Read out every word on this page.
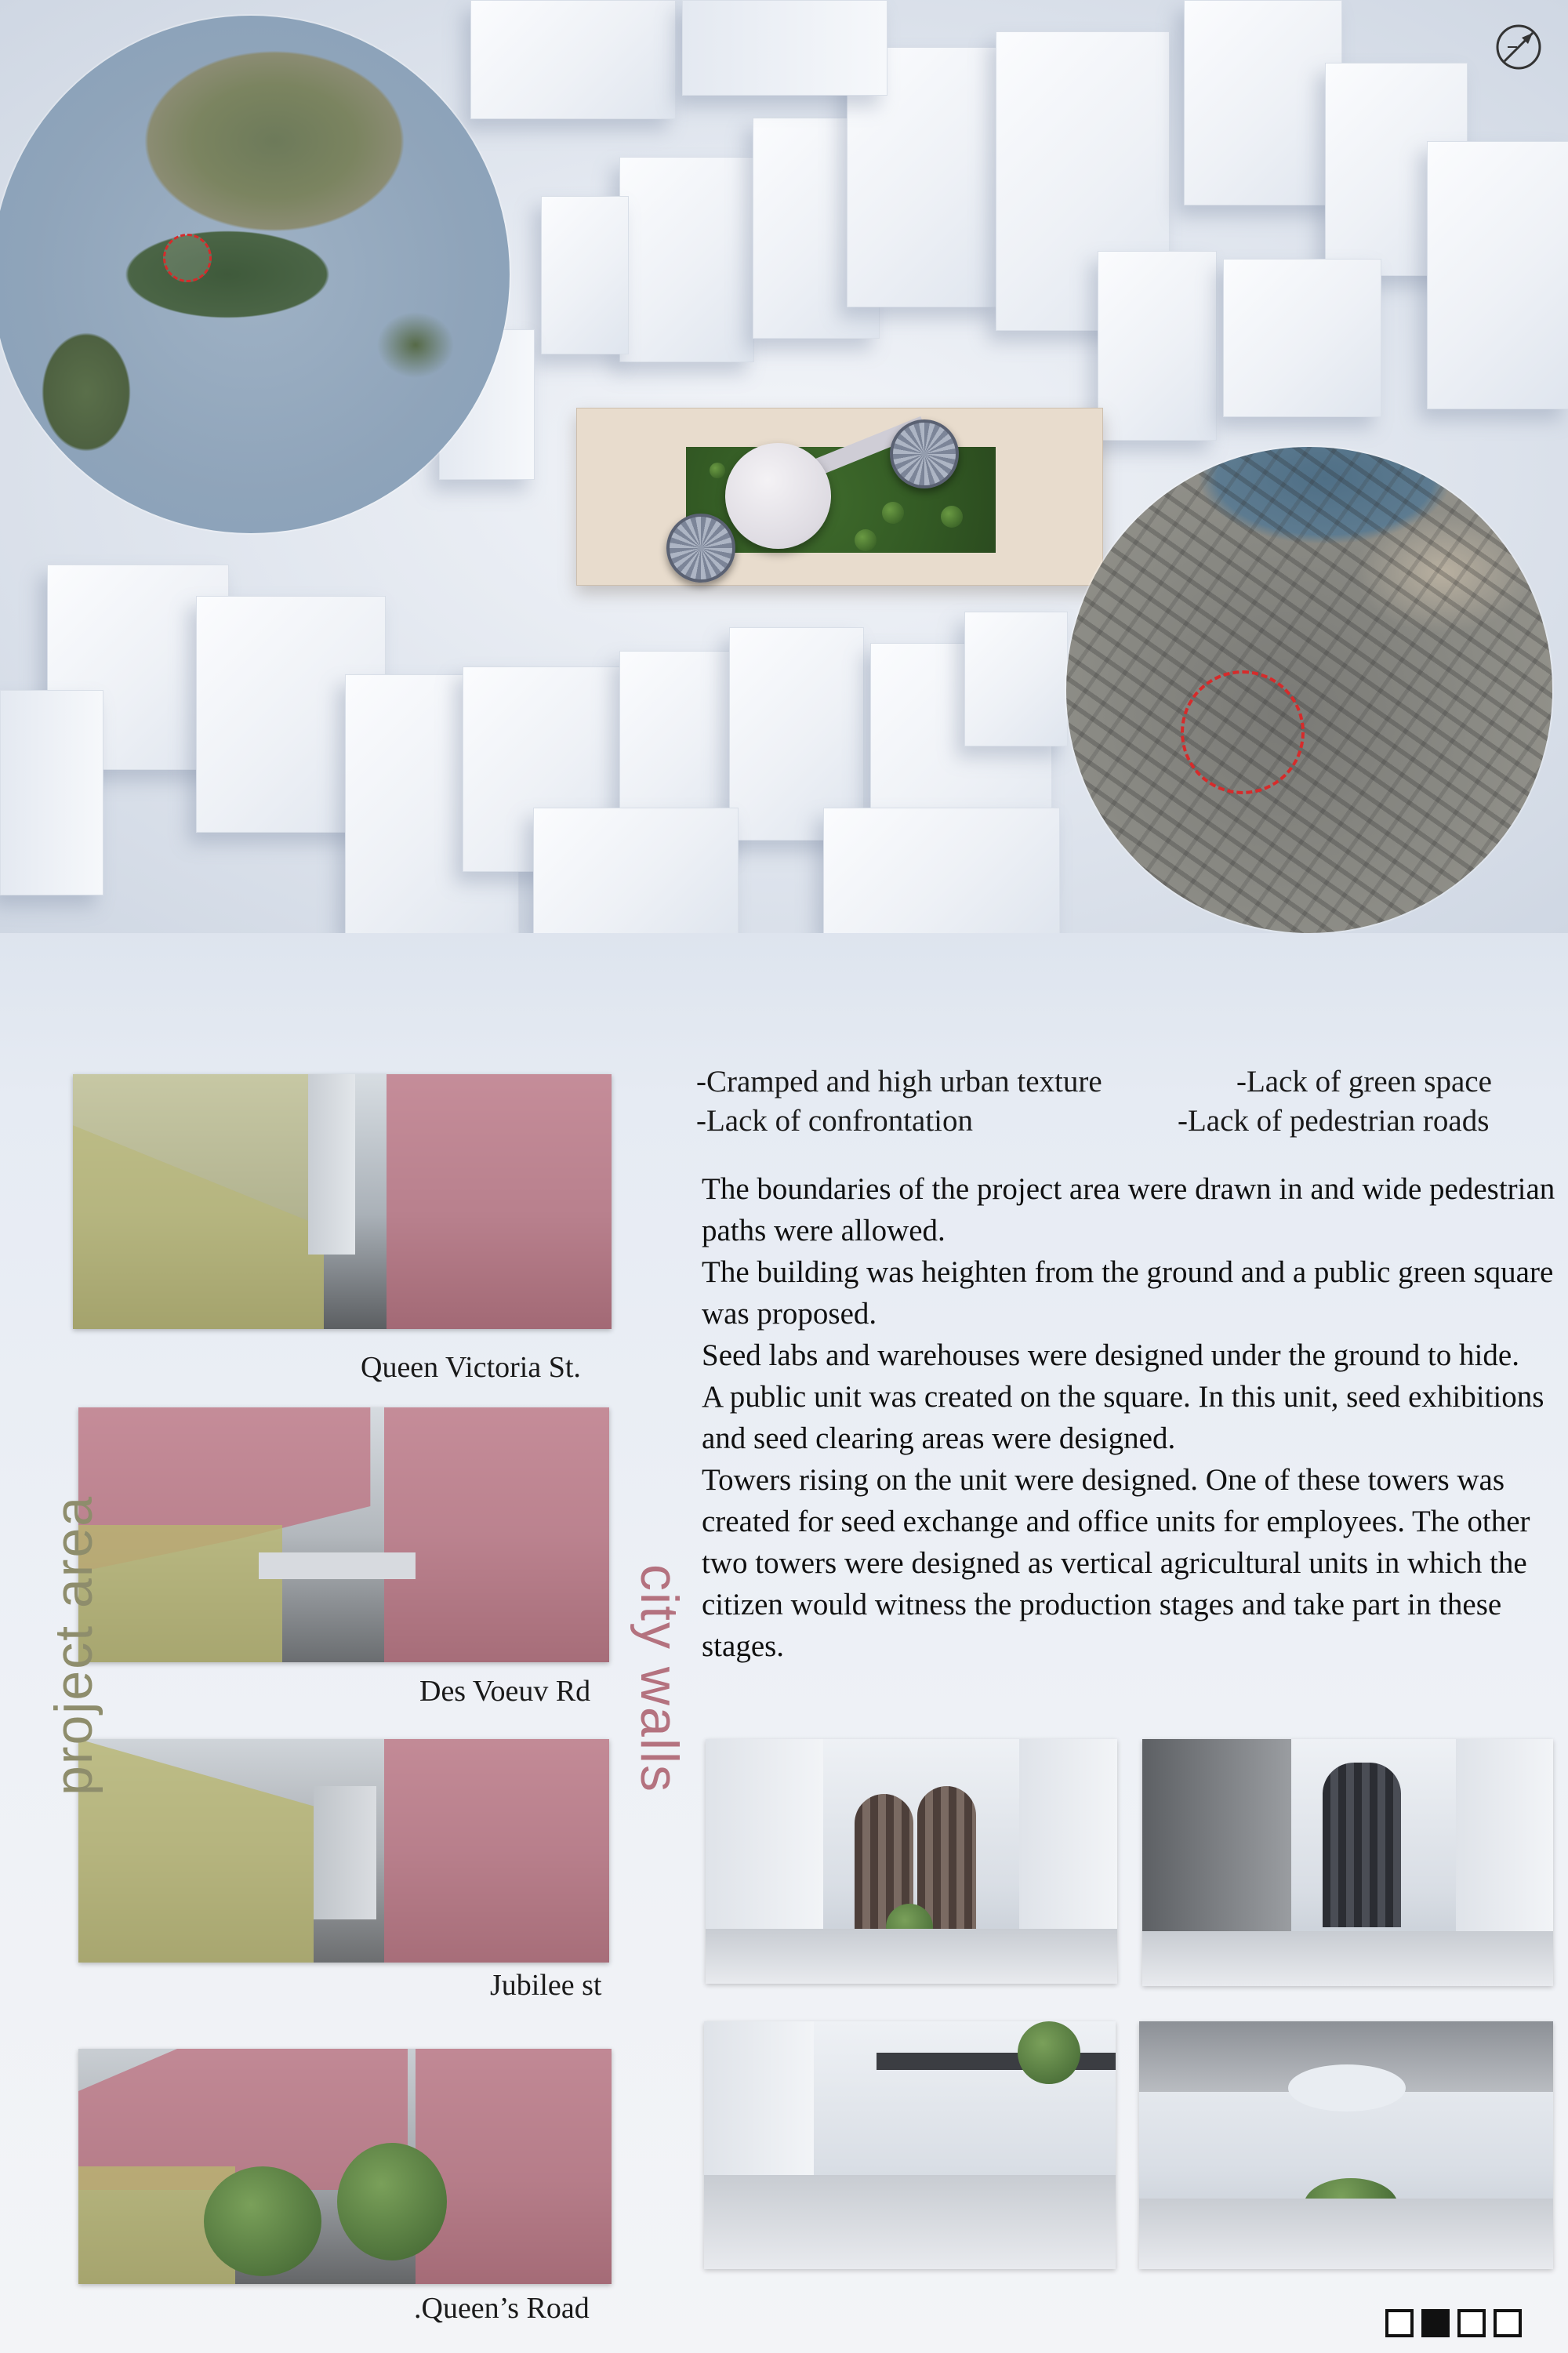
Queen Victoria St.
Des Voeuv Rd
Jubilee st
.Queen’s Road
project area	city walls
-Cramped and high urban texture	-Lack of green space
-Lack of confrontation	-Lack of pedestrian roads

The boundaries of the project area were drawn in and wide pedestrian paths were allowed.

The building was heighten from the ground and a public green square was proposed.

Seed labs and warehouses were designed under the ground to hide.

A public unit was created on the square. In this unit, seed exhibitions and seed clearing areas were designed.

Towers rising on the unit were designed. One of these towers was created for seed exchange and office units for employees. The other two towers were designed as vertical agricultural units in which the citizen would witness the production stages and take part in these stages.
